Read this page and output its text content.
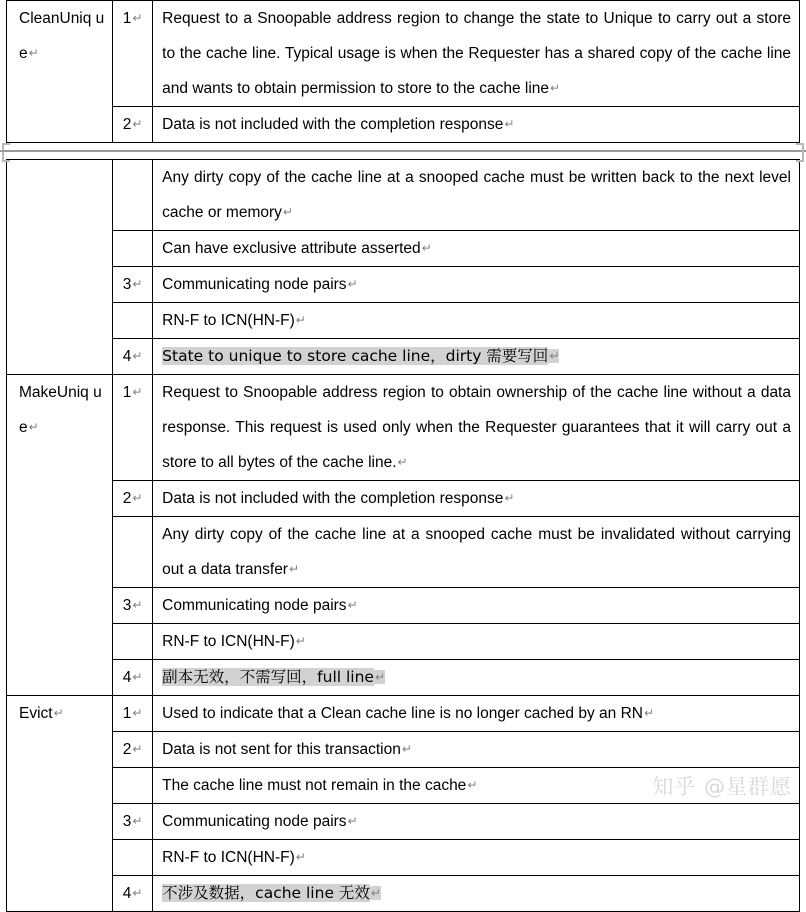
CleanUniq ue↵	1↵	Request to a Snoopable address region to change the state to Unique to carry out a store to the cache line. Typical usage is when the Requester has a shared copy of the cache line and wants to obtain permission to store to the cache line↵

	2↵	Data is not included with the completion response↵

		Any dirty copy of the cache line at a snooped cache must be written back to the next level cache or memory↵

		Can have exclusive attribute asserted↵

	3↵	Communicating node pairs↵

		RN-F to ICN(HN-F)↵

	4↵	State to unique to store cache line，dirty 需要写回↵

MakeUniq ue↵	1↵	Request to Snoopable address region to obtain ownership of the cache line without a data response. This request is used only when the Requester guarantees that it will carry out a store to all bytes of the cache line.↵

	2↵	Data is not included with the completion response↵

		Any dirty copy of the cache line at a snooped cache must be invalidated without carrying out a data transfer↵

	3↵	Communicating node pairs↵

		RN-F to ICN(HN-F)↵

	4↵	副本无效，不需写回，full line↵

Evict↵	1↵	Used to indicate that a Clean cache line is no longer cached by an RN↵

	2↵	Data is not sent for this transaction↵

		The cache line must not remain in the cache↵

	3↵	Communicating node pairs↵

		RN-F to ICN(HN-F)↵

	4↵	不涉及数据，cache line 无效↵
知乎 @星群愿
